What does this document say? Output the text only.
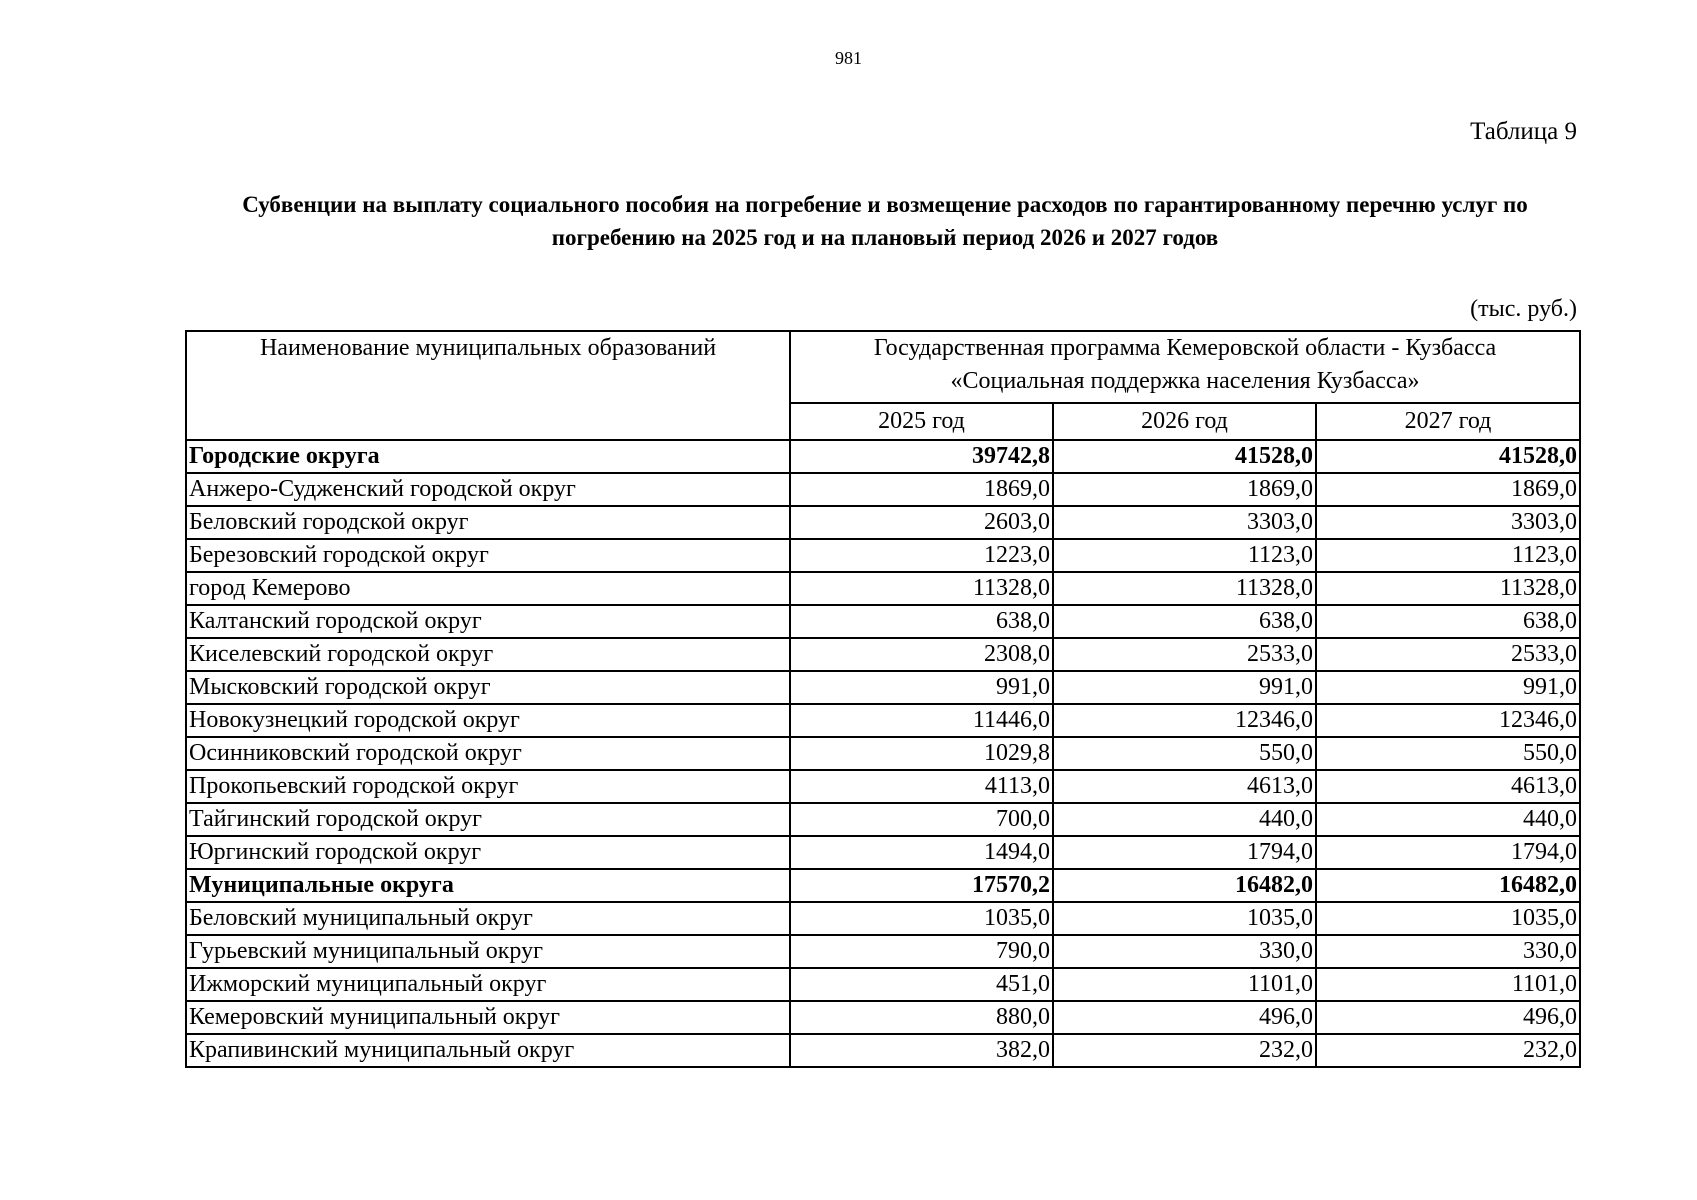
981
Таблица 9
Субвенции на выплату социального пособия на погребение и возмещение расходов по гарантированному перечню услуг по погребению на 2025 год и на плановый период 2026 и 2027 годов
(тыс. руб.)
Наименование муниципальных образований	Государственная программа Кемеровской области - Кузбасса
«Социальная поддержка населения Кузбасса»		
	2025 год	2026 год	2027 год
Городские округа	39742,8	41528,0	41528,0
Анжеро-Судженский городской округ	1869,0	1869,0	1869,0
Беловский городской округ	2603,0	3303,0	3303,0
Березовский городской округ	1223,0	1123,0	1123,0
город Кемерово	11328,0	11328,0	11328,0
Калтанский городской округ	638,0	638,0	638,0
Киселевский городской округ	2308,0	2533,0	2533,0
Мысковский городской округ	991,0	991,0	991,0
Новокузнецкий городской округ	11446,0	12346,0	12346,0
Осинниковский городской округ	1029,8	550,0	550,0
Прокопьевский городской округ	4113,0	4613,0	4613,0
Тайгинский городской округ	700,0	440,0	440,0
Юргинский городской округ	1494,0	1794,0	1794,0
Муниципальные округа	17570,2	16482,0	16482,0
Беловский муниципальный округ	1035,0	1035,0	1035,0
Гурьевский муниципальный округ	790,0	330,0	330,0
Ижморский муниципальный округ	451,0	1101,0	1101,0
Кемеровский муниципальный округ	880,0	496,0	496,0
Крапивинский муниципальный округ	382,0	232,0	232,0
